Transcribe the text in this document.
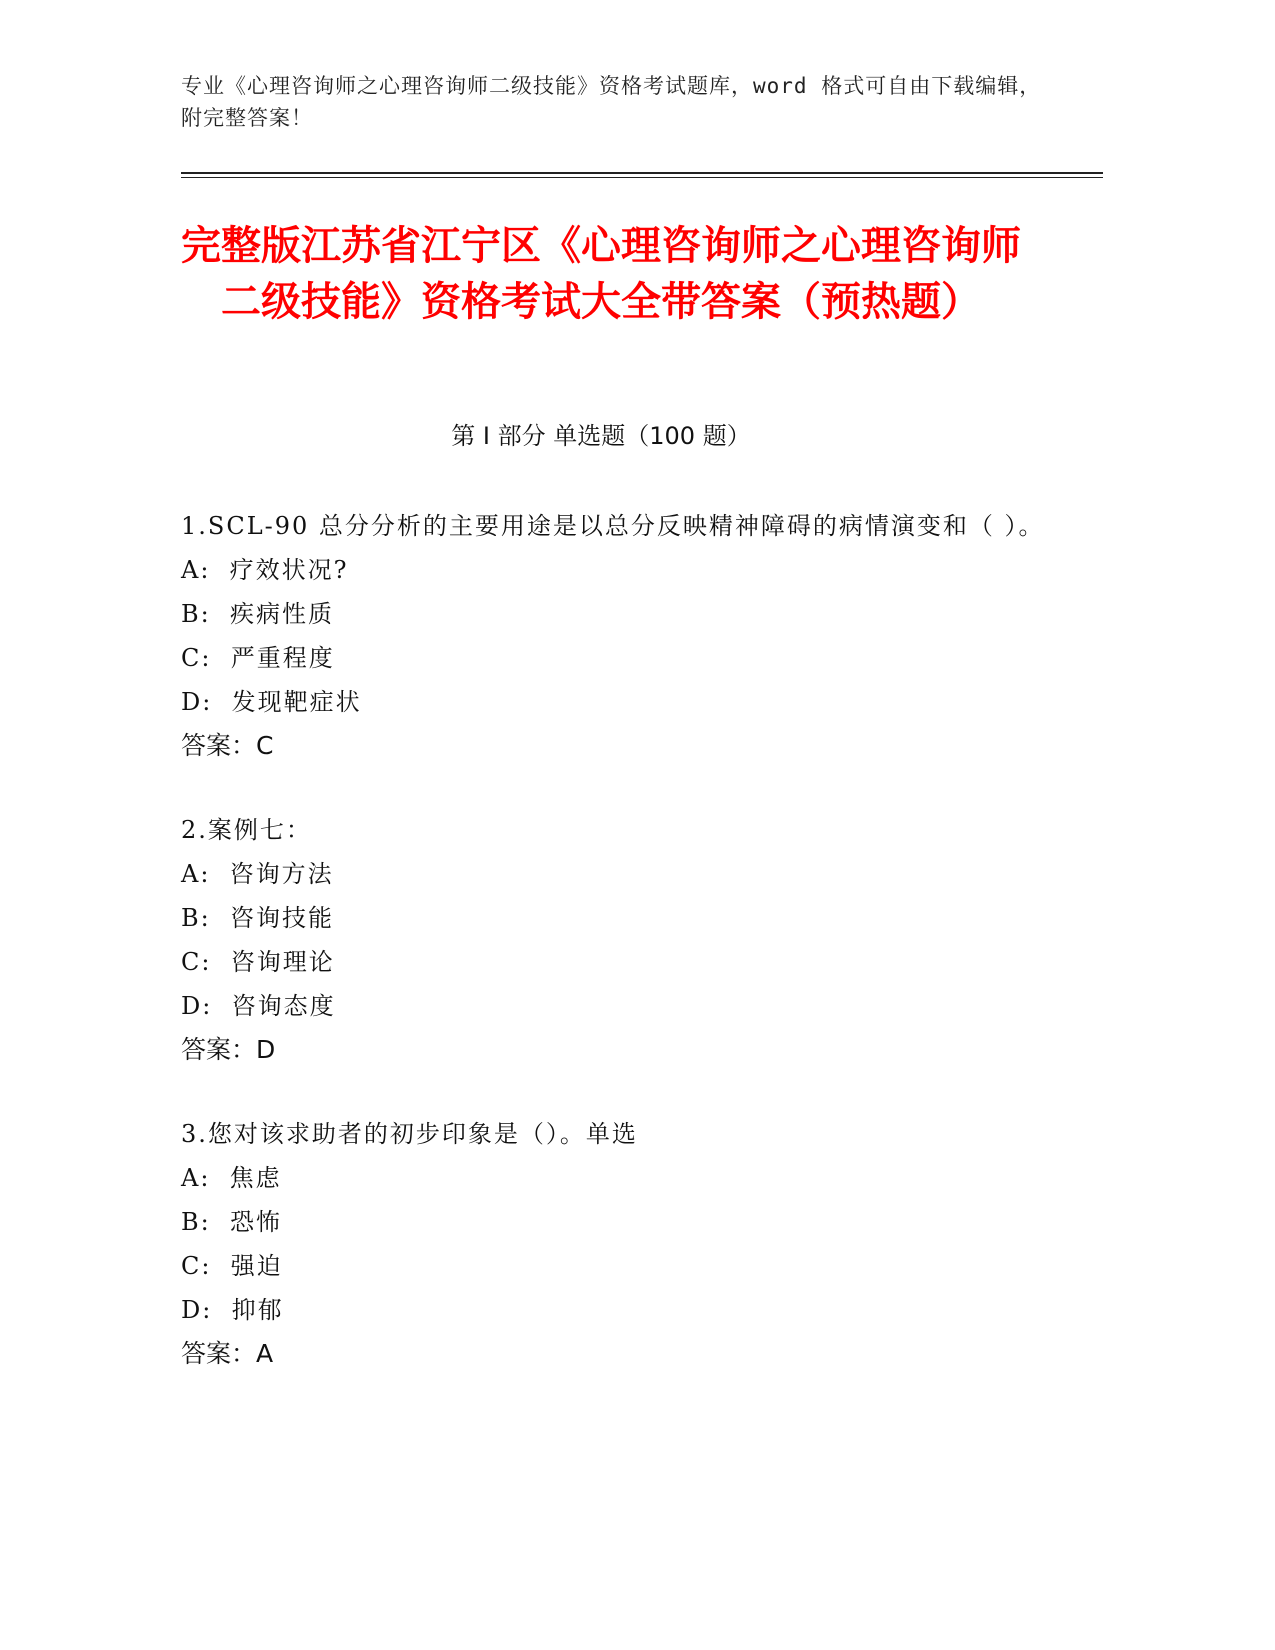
专业《心理咨询师之心理咨询师二级技能》资格考试题库，word 格式可自由下载编辑，附完整答案！
完整版江苏省江宁区《心理咨询师之心理咨询师二级技能》资格考试大全带答案（预热题）
第 I 部分 单选题（100 题）
1.SCL-90 总分分析的主要用途是以总分反映精神障碍的病情演变和（ ）。
A:  疗效状况?
B:  疾病性质
C:  严重程度
D:  发现靶症状
答案：C
2.案例七：
A:  咨询方法
B:  咨询技能
C:  咨询理论
D:  咨询态度
答案：D
3.您对该求助者的初步印象是（）。单选
A:  焦虑
B:  恐怖
C:  强迫
D:  抑郁
答案：A
